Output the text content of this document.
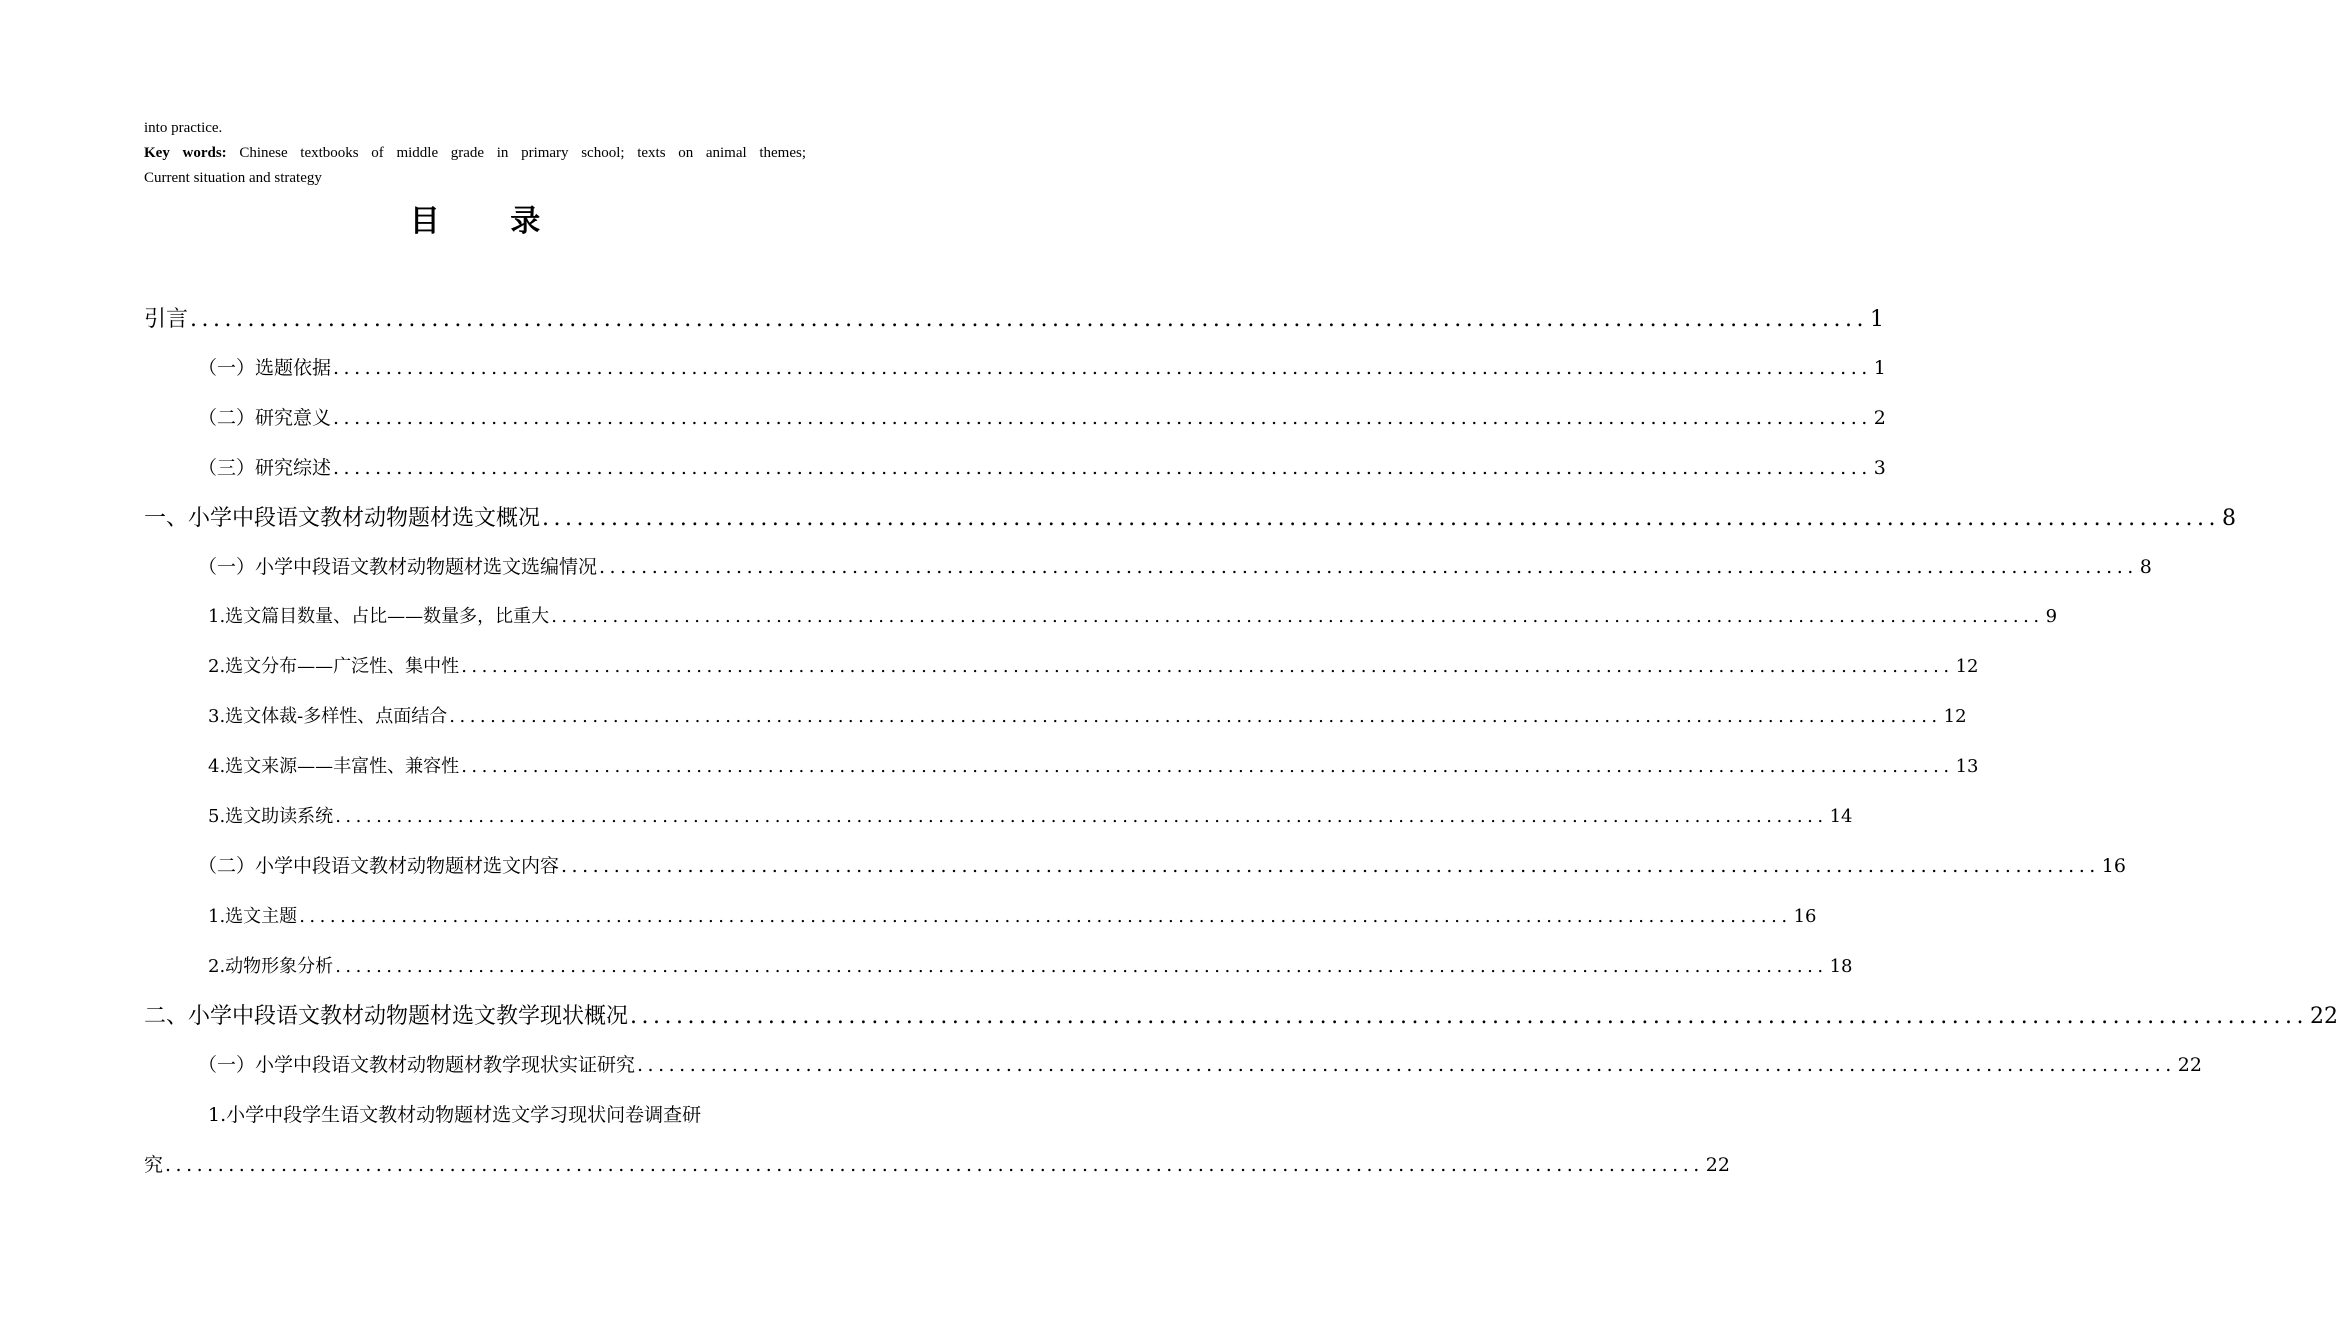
into practice.
Key words: Chinese textbooks of middle grade in primary school; texts on animal themes;
Current situation and strategy
目 录
引言 .................................................................................................................................................. 1
（一）选题依据 .................................................................................................................................................. 1
（二）研究意义 .................................................................................................................................................. 2
（三）研究综述 .................................................................................................................................................. 3
一、小学中段语文教材动物题材选文概况 .................................................................................................................................................. 8
（一）小学中段语文教材动物题材选文选编情况 .................................................................................................................................................. 8
1.选文篇目数量、占比——数量多，比重大 .................................................................................................................................................. 9
2.选文分布——广泛性、集中性 .................................................................................................................................................. 12
3.选文体裁-多样性、点面结合 .................................................................................................................................................. 12
4.选文来源——丰富性、兼容性 .................................................................................................................................................. 13
5.选文助读系统 .................................................................................................................................................. 14
（二）小学中段语文教材动物题材选文内容 .................................................................................................................................................. 16
1.选文主题 .................................................................................................................................................. 16
2.动物形象分析 .................................................................................................................................................. 18
二、小学中段语文教材动物题材选文教学现状概况 .................................................................................................................................................. 22
（一）小学中段语文教材动物题材教学现状实证研究 .................................................................................................................................................. 22
1.小学中段学生语文教材动物题材选文学习现状问卷调查研
究 .................................................................................................................................................. 22
